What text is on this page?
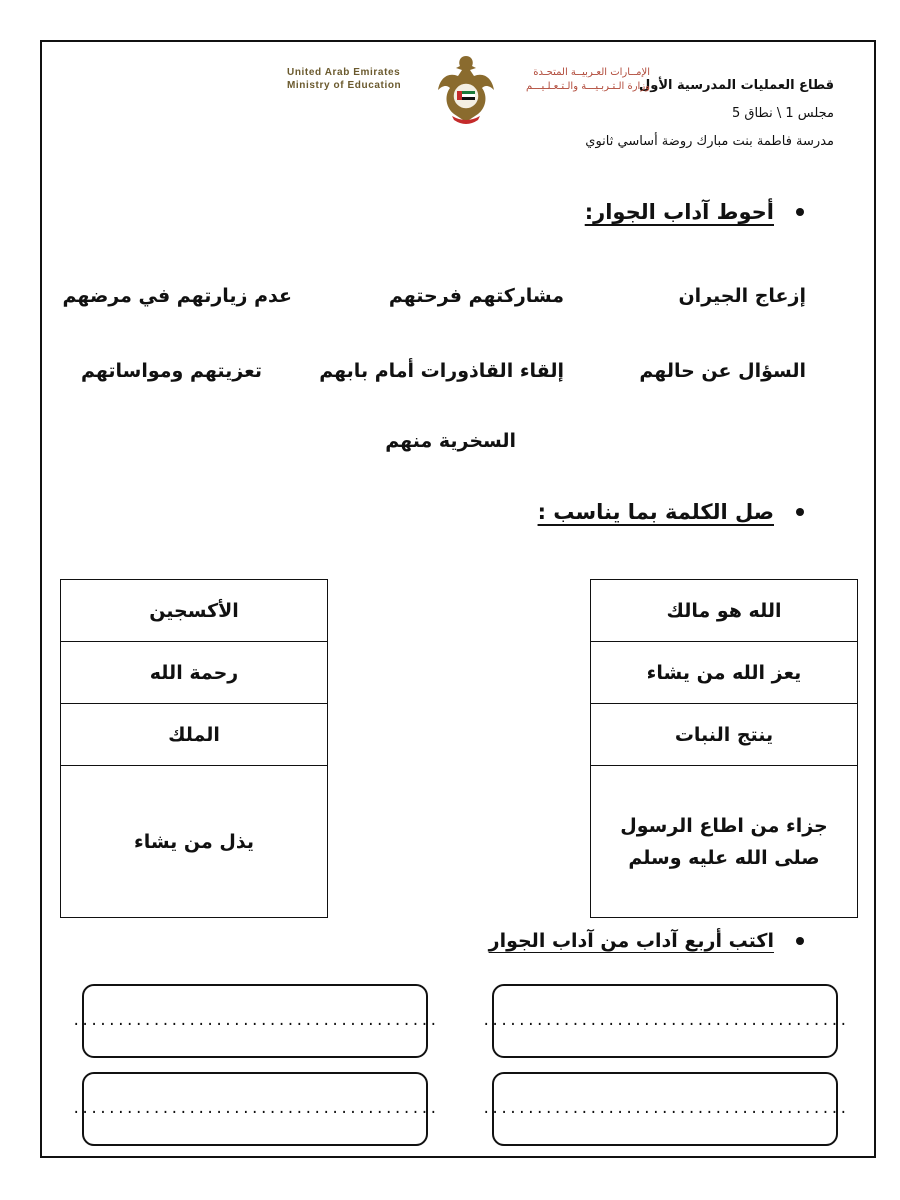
قطاع العمليات المدرسية الأول
مجلس 1 \ نطاق 5
مدرسة فاطمة بنت مبارك روضة أساسي ثانوي
الإمــارات العـربيــة المتحـدة
وزارة الـتـربـيـــة والـتـعـلـيـــم
United Arab Emirates
Ministry of Education
أحوط آداب الجوار:
إزعاج الجيران
مشاركتهم فرحتهم
عدم زيارتهم في مرضهم
السؤال عن حالهم
إلقاء القاذورات أمام بابهم
تعزيتهم ومواساتهم
السخرية منهم
صل الكلمة بما يناسب :
الله هو مالك
يعز الله من يشاء
ينتج النبات
جزاء من اطاع الرسول صلى الله عليه وسلم
الأكسجين
رحمة الله
الملك
يذل من يشاء
اكتب أربع آداب من آداب الجوار
.........................................
.........................................
.........................................
.........................................
